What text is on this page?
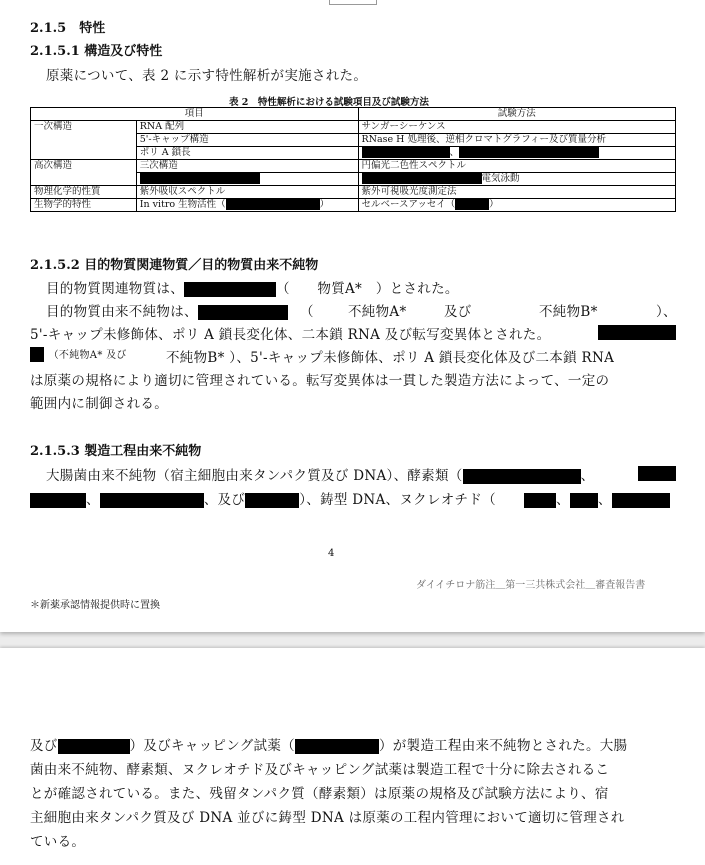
2.1.5　特性
2.1.5.1 構造及び特性
原薬について、表 2 に示す特性解析が実施された。
表 2　特性解析における試験項目及び試験方法
項目		試験方法
一次構造	RNA 配列	サンガーシーケンス
	5'-キャップ構造	RNase H 処理後、逆相クロマトグラフィー及び質量分析
	ポリ A 鎖長	、
高次構造	三次構造	円偏光二色性スペクトル
		電気泳動
物理化学的性質	紫外吸収スペクトル	紫外可視吸光度測定法
生物学的特性	In vitro 生物活性（ ）	セルベースアッセイ（ ）
2.1.5.2 目的物質関連物質／目的物質由来不純物
目的物質関連物質は、	（　　物質A*　）とされた。
目的物質由来不純物は、	（	不純物A*	及び	不純物B*	）、
5'-キャップ未修飾体、ポリ A 鎖長変化体、二本鎖 RNA 及び転写変異体とされた。
（不純物A* 及び	不純物B* ）、5'-キャップ未修飾体、ポリ A 鎖長変化体及び二本鎖 RNA
は原薬の規格により適切に管理されている。転写変異体は一貫した製造方法によって、一定の
範囲内に制御される。
2.1.5.3 製造工程由来不純物
大腸菌由来不純物（宿主細胞由来タンパク質及び DNA）、酵素類（	、
、	、及び	）、鋳型 DNA、ヌクレオチド（	、 、
4
ダイイチロナ筋注＿第一三共株式会社＿審査報告書
＊新薬承認情報提供時に置換
及び	）及びキャッピング試薬（	）が製造工程由来不純物とされた。大腸
菌由来不純物、酵素類、ヌクレオチド及びキャッピング試薬は製造工程で十分に除去されるこ
とが確認されている。また、残留タンパク質（酵素類）は原薬の規格及び試験方法により、宿
主細胞由来タンパク質及び DNA 並びに鋳型 DNA は原薬の工程内管理において適切に管理され
ている。
